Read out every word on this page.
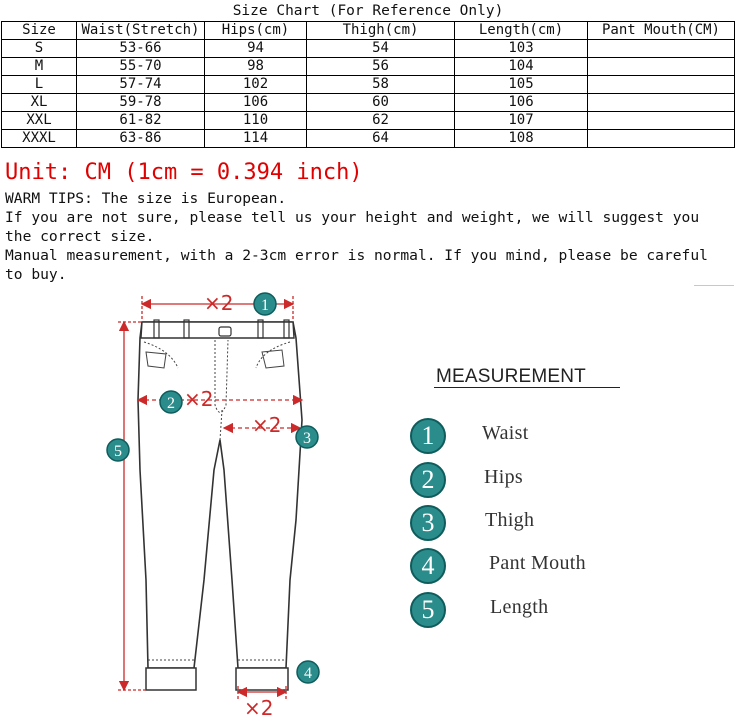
Size Chart (For Reference Only)
Size	Waist(Stretch)	Hips(cm)	Thigh(cm)	Length(cm)	Pant Mouth(CM)
S	53-66	94	54	103	
M	55-70	98	56	104	
L	57-74	102	58	105	
XL	59-78	106	60	106	
XXL	61-82	110	62	107	
XXXL	63-86	114	64	108	
Unit: CM (1cm = 0.394 inch)
WARM TIPS: The size is European.
If you are not sure, please tell us your height and weight, we will suggest you the correct size.
Manual measurement, with a 2-3cm error is normal. If you mind, please be careful to buy.
×2
×2
×2
×2
1
2
3
4
5
MEASUREMENT
1	Waist
2	Hips
3	Thigh
4	Pant Mouth
5	Length
